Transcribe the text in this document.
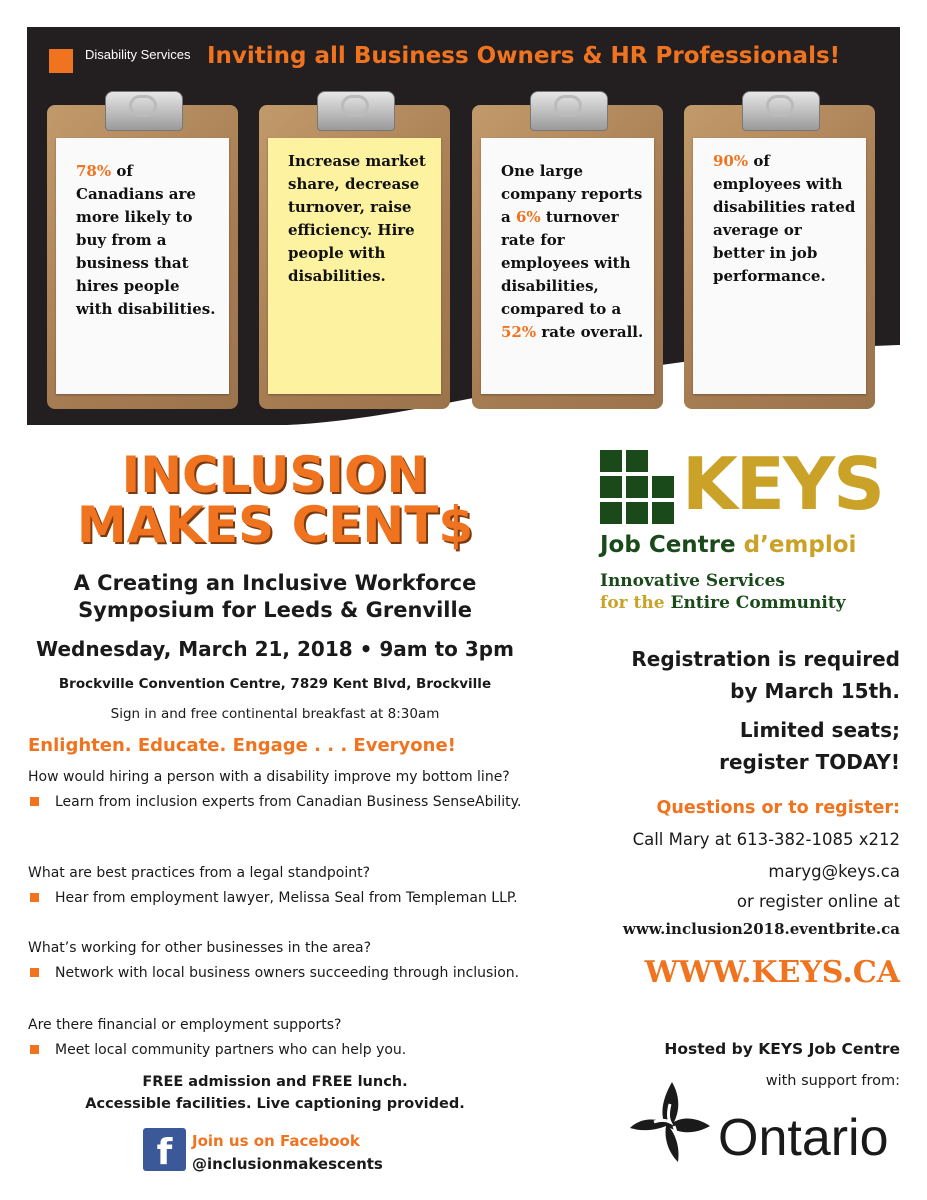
Disability Services Inviting all Business Owners & HR Professionals!
78% of Canadians are more likely to buy from a business that hires people with disabilities.
Increase market share, decrease turnover, raise efficiency. Hire people with disabilities.
One large company reports a 6% turnover rate for employees with disabilities, compared to a 52% rate overall.
90% of employees with disabilities rated average or better in job performance.
INCLUSION
MAKES CENT$
A Creating an Inclusive Workforce Symposium for Leeds & Grenville
Wednesday, March 21, 2018 • 9am to 3pm
Brockville Convention Centre, 7829 Kent Blvd, Brockville
Sign in and free continental breakfast at 8:30am
Enlighten. Educate. Engage . . . Everyone!
How would hiring a person with a disability improve my bottom line?
Learn from inclusion experts from Canadian Business SenseAbility.
What are best practices from a legal standpoint?
Hear from employment lawyer, Melissa Seal from Templeman LLP.
What’s working for other businesses in the area?
Network with local business owners succeeding through inclusion.
Are there financial or employment supports?
Meet local community partners who can help you.
FREE admission and FREE lunch.
Accessible facilities. Live captioning provided.
f	Join us on Facebook
@inclusionmakescents
KEYS
Job Centre d’emploi
Innovative Services
for the Entire Community
Registration is required
by March 15th.
Limited seats;
register TODAY!
Questions or to register:
Call Mary at 613-382-1085 x212
maryg@keys.ca
or register online at
www.inclusion2018.eventbrite.ca
WWW.KEYS.CA
Hosted by KEYS Job Centre
with support from:
Ontario
